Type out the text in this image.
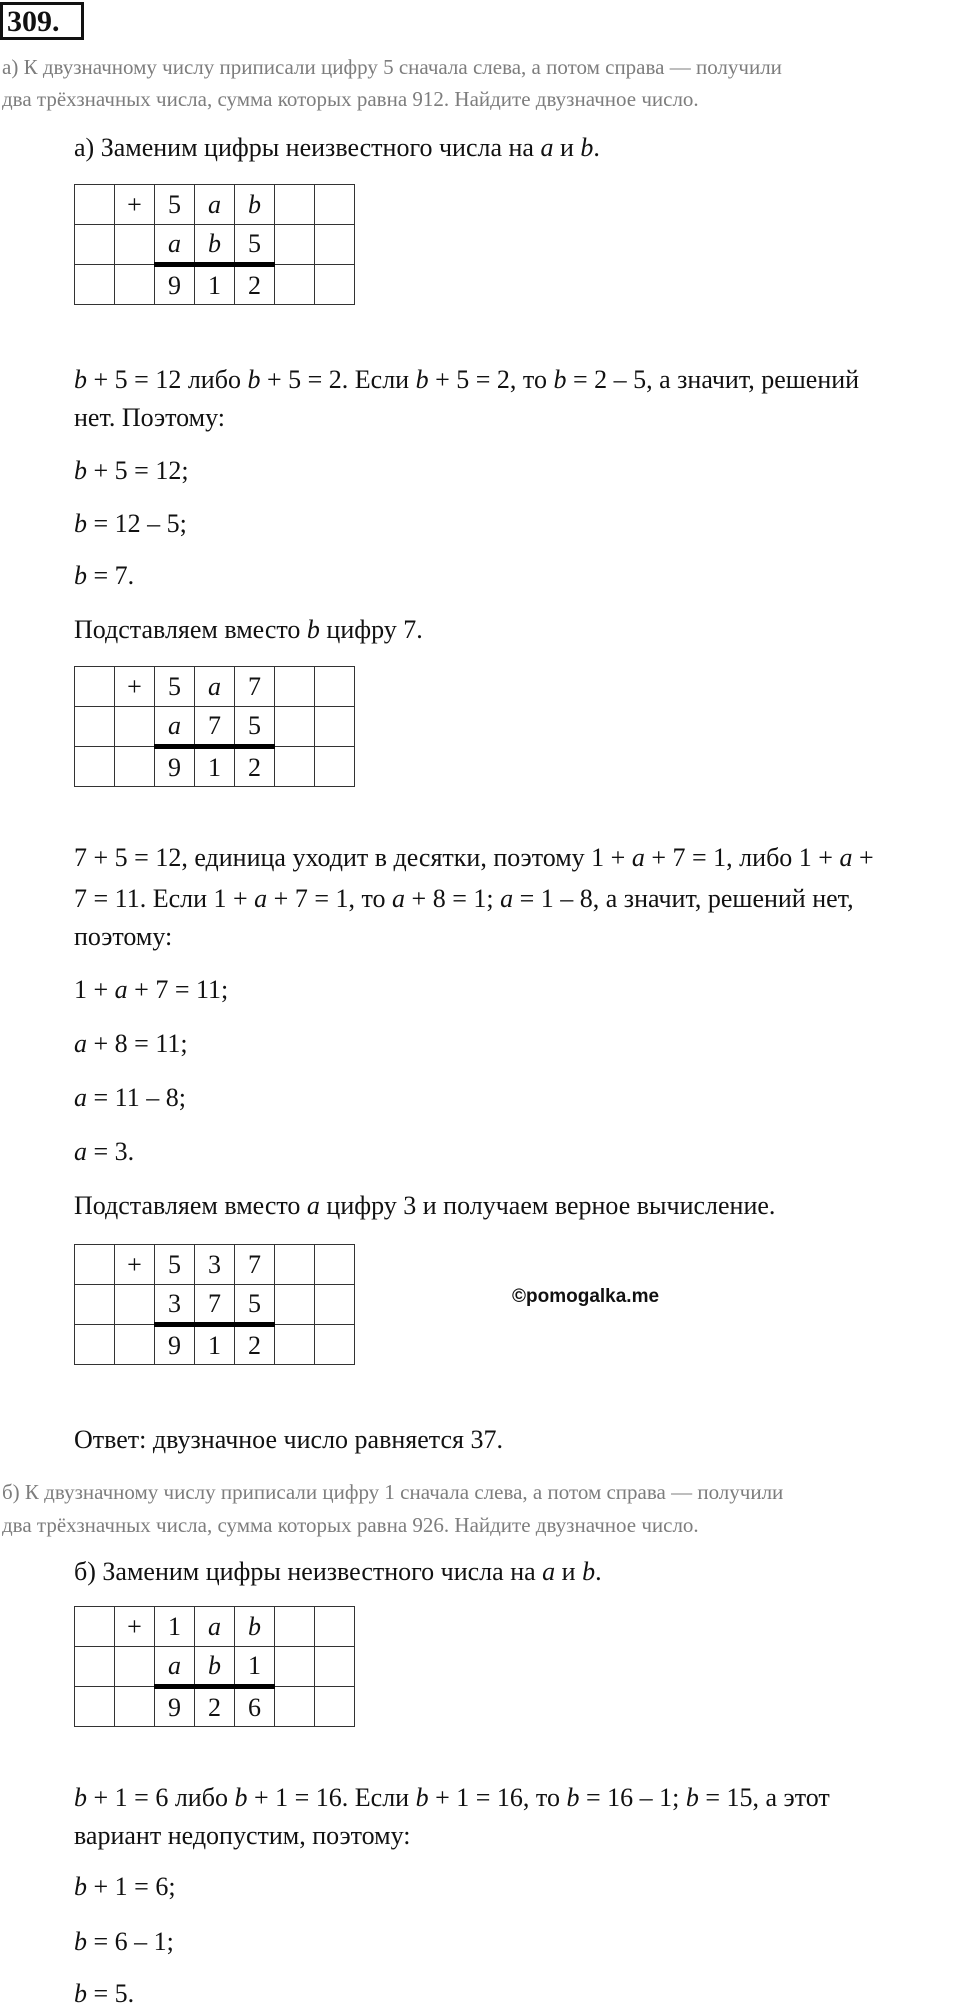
309.
а) К двузначному числу приписали цифру 5 сначала слева, а потом справа — получили
два трёхзначных числа, сумма которых равна 912. Найдите двузначное число.
а) Заменим цифры неизвестного числа на a и b.
	+	5	a	b		
		a	b	5		
		9	1	2		
b + 5 = 12 либо b + 5 = 2. Если b + 5 = 2, то b = 2 – 5, а значит, решений
нет. Поэтому:
b + 5 = 12;
b = 12 – 5;
b = 7.
Подставляем вместо b цифру 7.
	+	5	a	7		
		a	7	5		
		9	1	2		
7 + 5 = 12, единица уходит в десятки, поэтому 1 + a + 7 = 1, либо 1 + a +
7 = 11. Если 1 + a + 7 = 1, то a + 8 = 1; a = 1 – 8, а значит, решений нет,
поэтому:
1 + a + 7 = 11;
a + 8 = 11;
a = 11 – 8;
a = 3.
Подставляем вместо a цифру 3 и получаем верное вычисление.
	+	5	3	7		
		3	7	5		
		9	1	2		
©pomogalka.me
Ответ: двузначное число равняется 37.
б) К двузначному числу приписали цифру 1 сначала слева, а потом справа — получили
два трёхзначных числа, сумма которых равна 926. Найдите двузначное число.
б) Заменим цифры неизвестного числа на a и b.
	+	1	a	b		
		a	b	1		
		9	2	6		
b + 1 = 6 либо b + 1 = 16. Если b + 1 = 16, то b = 16 – 1; b = 15, а этот
вариант недопустим, поэтому:
b + 1 = 6;
b = 6 – 1;
b = 5.
